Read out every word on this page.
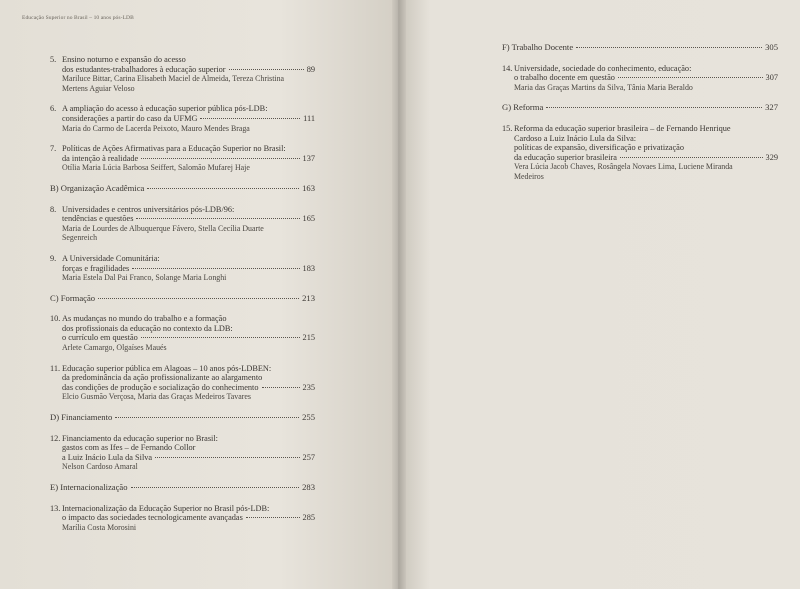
Educação Superior no Brasil – 10 anos pós-LDB
5. Ensino noturno e expansão do acesso
dos estudantes-trabalhadores à educação superior	89
Mariluce Bittar, Carina Elisabeth Maciel de Almeida, Tereza Christina
Mertens Aguiar Veloso
6. A ampliação do acesso à educação superior pública pós-LDB:
considerações a partir do caso da UFMG	111
Maria do Carmo de Lacerda Peixoto, Mauro Mendes Braga
7. Políticas de Ações Afirmativas para a Educação Superior no Brasil:
da intenção à realidade	137
Otília Maria Lúcia Barbosa Seiffert, Salomão Mufarej Haje
B) Organização Acadêmica	163
8. Universidades e centros universitários pós-LDB/96:
tendências e questões	165
Maria de Lourdes de Albuquerque Fávero, Stella Cecília Duarte
Segenreich
9. A Universidade Comunitária:
forças e fragilidades	183
Maria Estela Dal Pai Franco, Solange Maria Longhi
C) Formação	213
10. As mudanças no mundo do trabalho e a formação
dos profissionais da educação no contexto da LDB:
o currículo em questão	215
Arlete Camargo, Olgaíses Maués
11. Educação superior pública em Alagoas – 10 anos pós-LDBEN:
da predominância da ação profissionalizante ao alargamento
das condições de produção e socialização do conhecimento	235
Elcio Gusmão Verçosa, Maria das Graças Medeiros Tavares
D) Financiamento	255
12. Financiamento da educação superior no Brasil:
gastos com as Ifes – de Fernando Collor
a Luiz Inácio Lula da Silva	257
Nelson Cardoso Amaral
E) Internacionalização	283
13. Internacionalização da Educação Superior no Brasil pós-LDB:
o impacto das sociedades tecnologicamente avançadas	285
Marília Costa Morosini
F) Trabalho Docente	305
14. Universidade, sociedade do conhecimento, educação:
o trabalho docente em questão	307
Maria das Graças Martins da Silva, Tânia Maria Beraldo
G) Reforma	327
15. Reforma da educação superior brasileira – de Fernando Henrique
Cardoso a Luiz Inácio Lula da Silva:
políticas de expansão, diversificação e privatização
da educação superior brasileira	329
Vera Lúcia Jacob Chaves, Rosângela Novaes Lima, Luciene Miranda
Medeiros
